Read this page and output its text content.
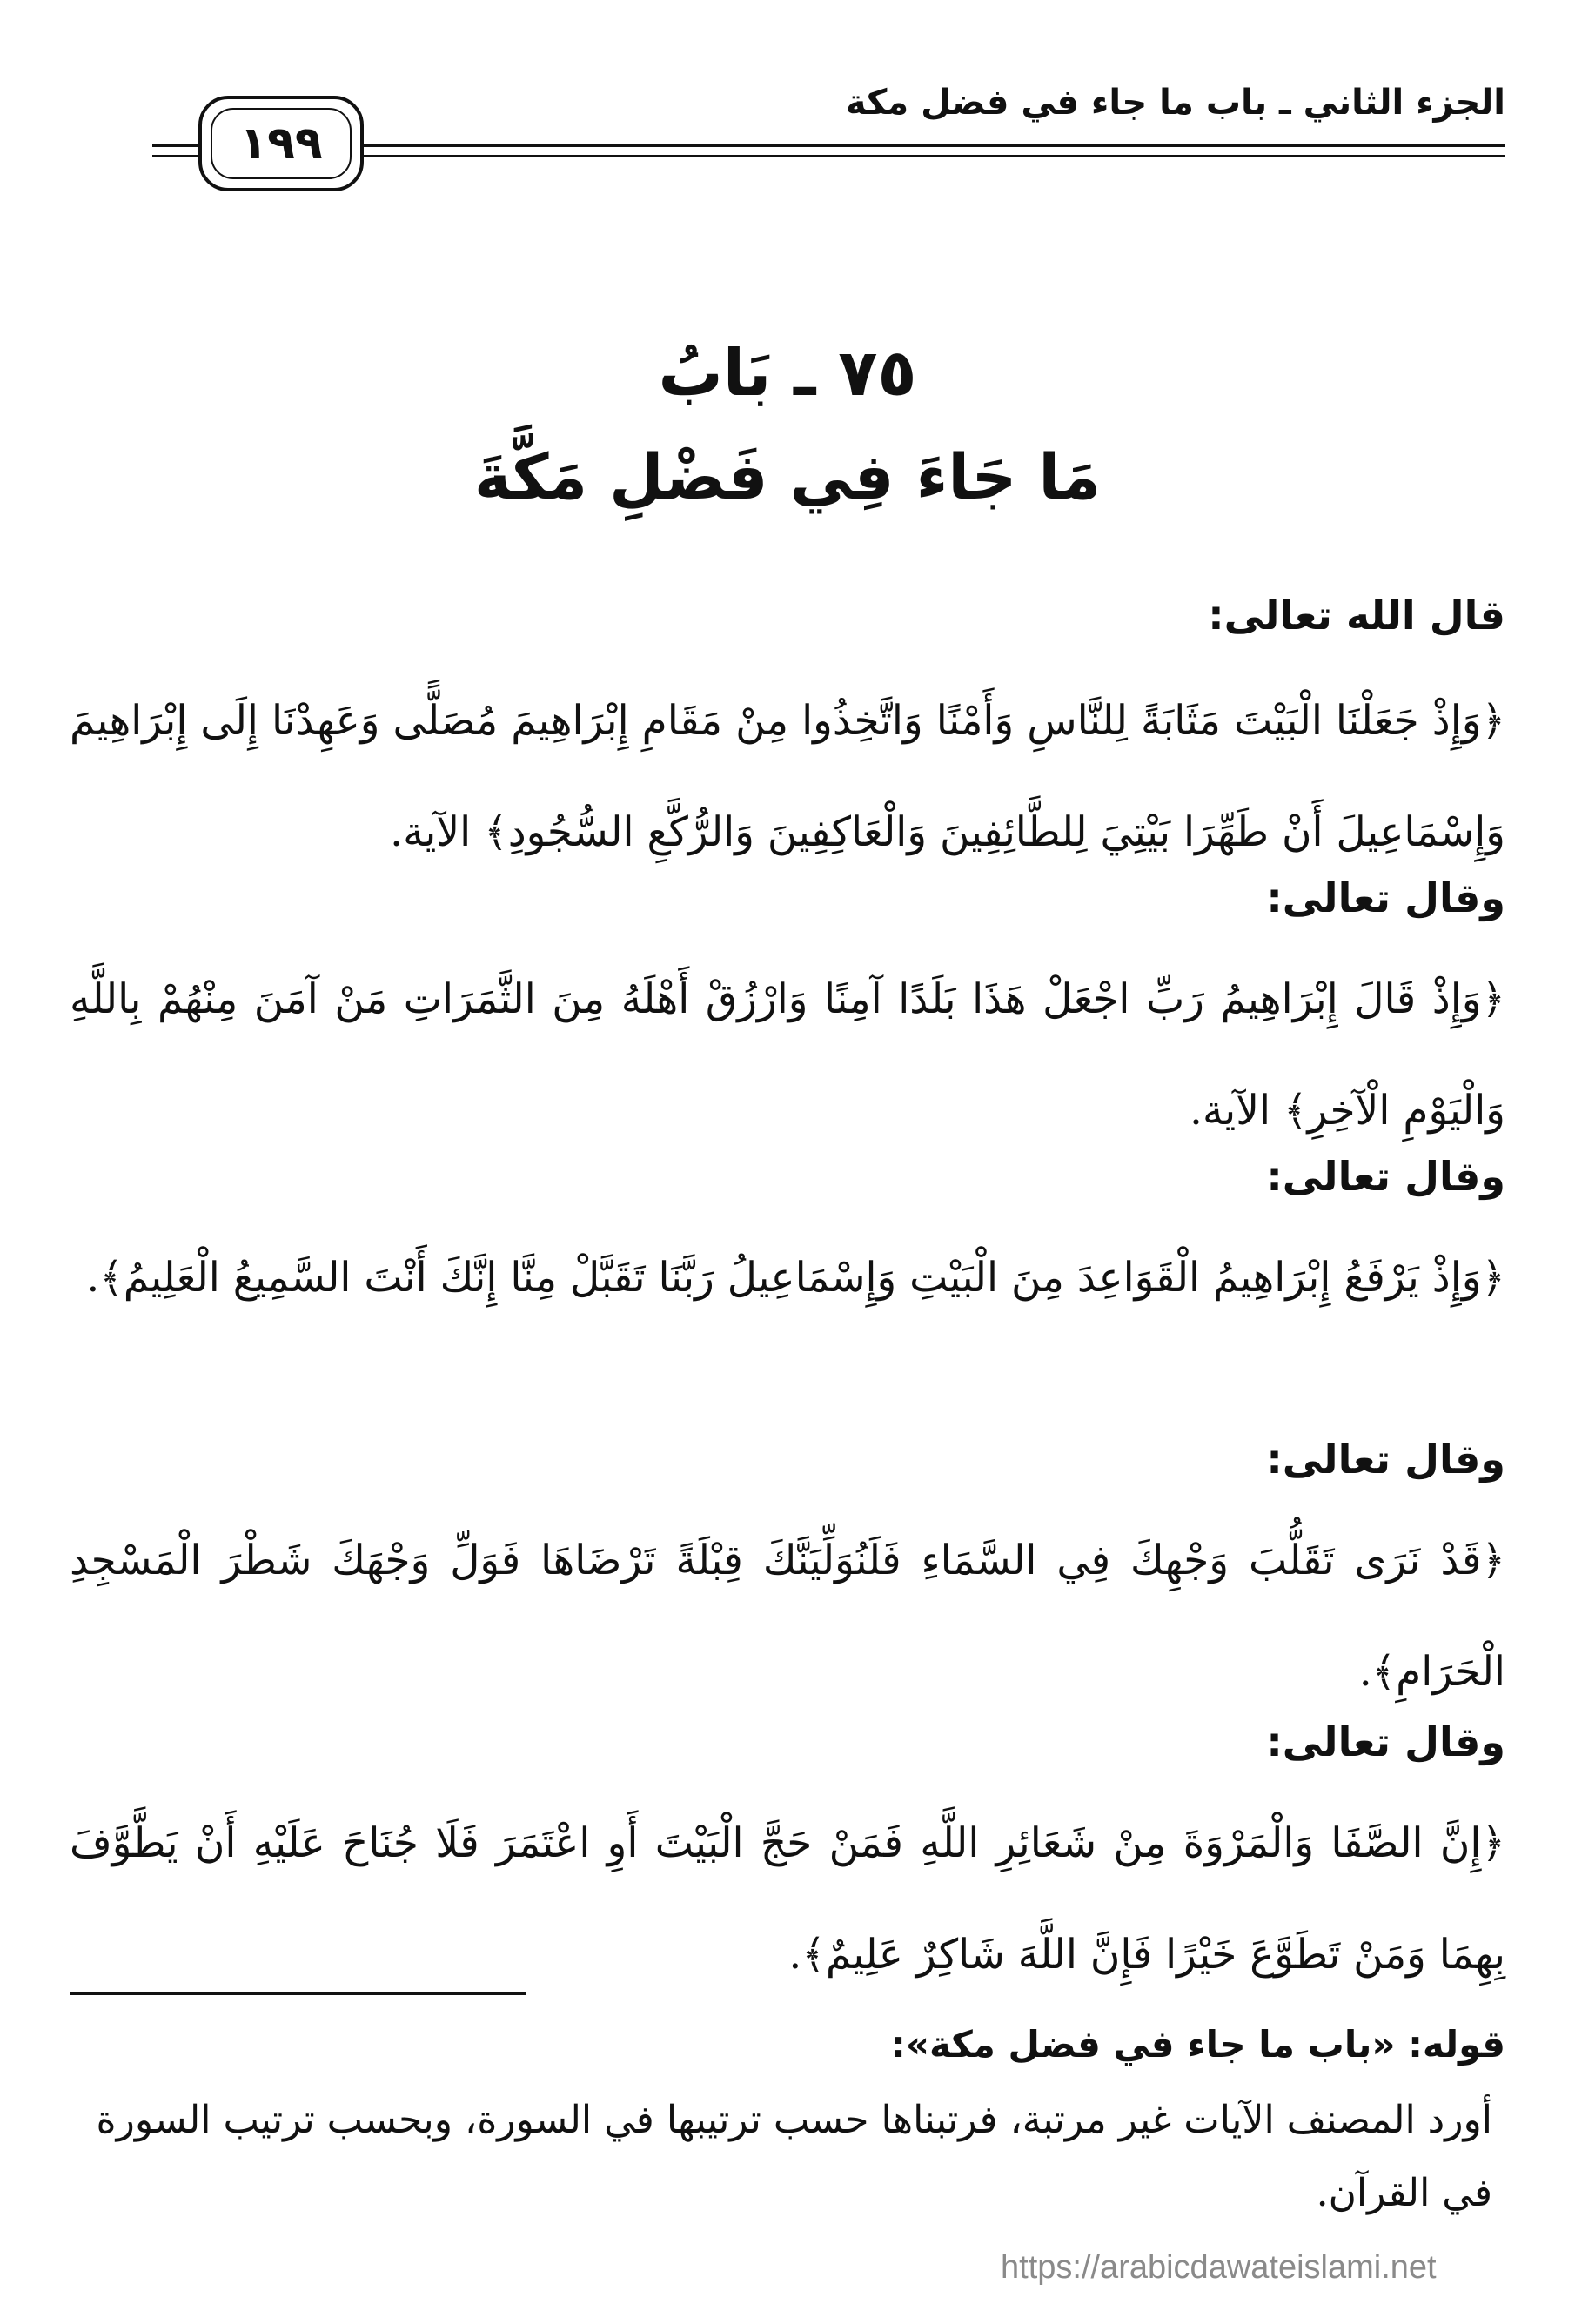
الجزء الثاني ـ باب ما جاء في فضل مكة
١٩٩
٧٥ ـ بَابُ
مَا جَاءَ فِي فَضْلِ مَكَّةَ
قال الله تعالى:
﴿وَإِذْ جَعَلْنَا الْبَيْتَ مَثَابَةً لِلنَّاسِ وَأَمْنًا وَاتَّخِذُوا مِنْ مَقَامِ إِبْرَاهِيمَ مُصَلًّى وَعَهِدْنَا إِلَى إِبْرَاهِيمَ وَإِسْمَاعِيلَ أَنْ طَهِّرَا بَيْتِيَ لِلطَّائِفِينَ وَالْعَاكِفِينَ وَالرُّكَّعِ السُّجُودِ﴾ الآية.
وقال تعالى:
﴿وَإِذْ قَالَ إِبْرَاهِيمُ رَبِّ اجْعَلْ هَذَا بَلَدًا آمِنًا وَارْزُقْ أَهْلَهُ مِنَ الثَّمَرَاتِ مَنْ آمَنَ مِنْهُمْ بِاللَّهِ وَالْيَوْمِ الْآخِرِ﴾ الآية.
وقال تعالى:
﴿وَإِذْ يَرْفَعُ إِبْرَاهِيمُ الْقَوَاعِدَ مِنَ الْبَيْتِ وَإِسْمَاعِيلُ رَبَّنَا تَقَبَّلْ مِنَّا إِنَّكَ أَنْتَ السَّمِيعُ الْعَلِيمُ﴾.
وقال تعالى:
﴿قَدْ نَرَى تَقَلُّبَ وَجْهِكَ فِي السَّمَاءِ فَلَنُوَلِّيَنَّكَ قِبْلَةً تَرْضَاهَا فَوَلِّ وَجْهَكَ شَطْرَ الْمَسْجِدِ الْحَرَامِ﴾.
وقال تعالى:
﴿إِنَّ الصَّفَا وَالْمَرْوَةَ مِنْ شَعَائِرِ اللَّهِ فَمَنْ حَجَّ الْبَيْتَ أَوِ اعْتَمَرَ فَلَا جُنَاحَ عَلَيْهِ أَنْ يَطَّوَّفَ بِهِمَا وَمَنْ تَطَوَّعَ خَيْرًا فَإِنَّ اللَّهَ شَاكِرٌ عَلِيمٌ﴾.
قوله: «باب ما جاء في فضل مكة»:
أورد المصنف الآيات غير مرتبة، فرتبناها حسب ترتيبها في السورة، وبحسب ترتيب السورة في القرآن.
https://arabicdawateislami.net
